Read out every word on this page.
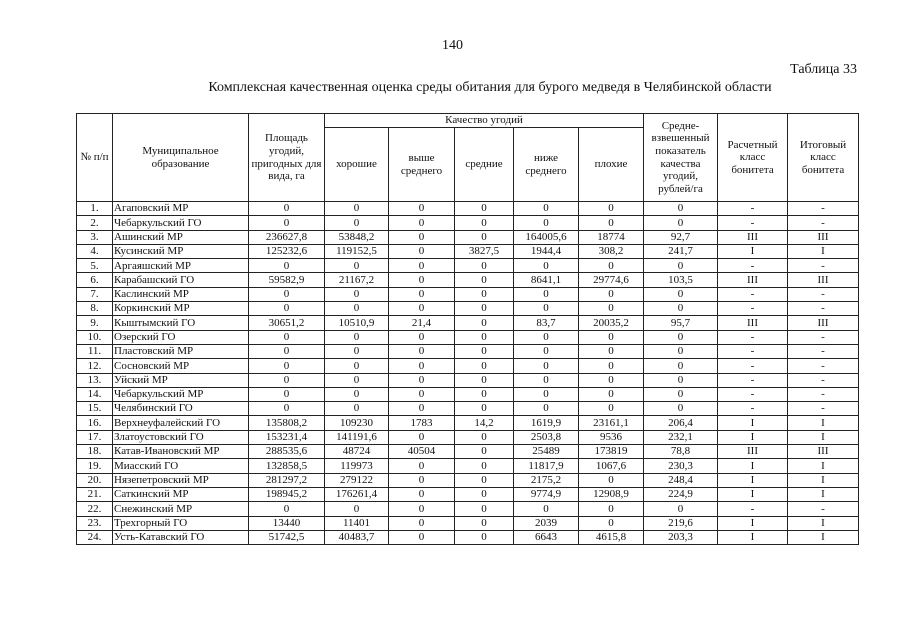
140
Таблица 33
Комплексная качественная оценка среды обитания для бурого медведя в Челябинской области
№ п/п	Муниципальное образование	Площадь угодий, пригодных для вида, га	Качество угодий					Средне-взвешенный показатель качества угодий, рублей/га	Расчетный класс бонитета	Итоговый класс бонитета
			хорошие	выше среднего	средние	ниже среднего	плохие			
1.	Агаповский МР	0	0	0	0	0	0	0	-	-
2.	Чебаркульский ГО	0	0	0	0	0	0	0	-	-
3.	Ашинский МР	236627,8	53848,2	0	0	164005,6	18774	92,7	III	III
4.	Кусинский МР	125232,6	119152,5	0	3827,5	1944,4	308,2	241,7	I	I
5.	Аргаяшский МР	0	0	0	0	0	0	0	-	-
6.	Карабашский ГО	59582,9	21167,2	0	0	8641,1	29774,6	103,5	III	III
7.	Каслинский МР	0	0	0	0	0	0	0	-	-
8.	Коркинский МР	0	0	0	0	0	0	0	-	-
9.	Кыштымский ГО	30651,2	10510,9	21,4	0	83,7	20035,2	95,7	III	III
10.	Озерский ГО	0	0	0	0	0	0	0	-	-
11.	Пластовский МР	0	0	0	0	0	0	0	-	-
12.	Сосновский МР	0	0	0	0	0	0	0	-	-
13.	Уйский МР	0	0	0	0	0	0	0	-	-
14.	Чебаркульский МР	0	0	0	0	0	0	0	-	-
15.	Челябинский ГО	0	0	0	0	0	0	0	-	-
16.	Верхнеуфалейский ГО	135808,2	109230	1783	14,2	1619,9	23161,1	206,4	I	I
17.	Златоустовский ГО	153231,4	141191,6	0	0	2503,8	9536	232,1	I	I
18.	Катав-Ивановский МР	288535,6	48724	40504	0	25489	173819	78,8	III	III
19.	Миасский ГО	132858,5	119973	0	0	11817,9	1067,6	230,3	I	I
20.	Нязепетровский МР	281297,2	279122	0	0	2175,2	0	248,4	I	I
21.	Саткинский МР	198945,2	176261,4	0	0	9774,9	12908,9	224,9	I	I
22.	Снежинский МР	0	0	0	0	0	0	0	-	-
23.	Трехгорный ГО	13440	11401	0	0	2039	0	219,6	I	I
24.	Усть-Катавский ГО	51742,5	40483,7	0	0	6643	4615,8	203,3	I	I
